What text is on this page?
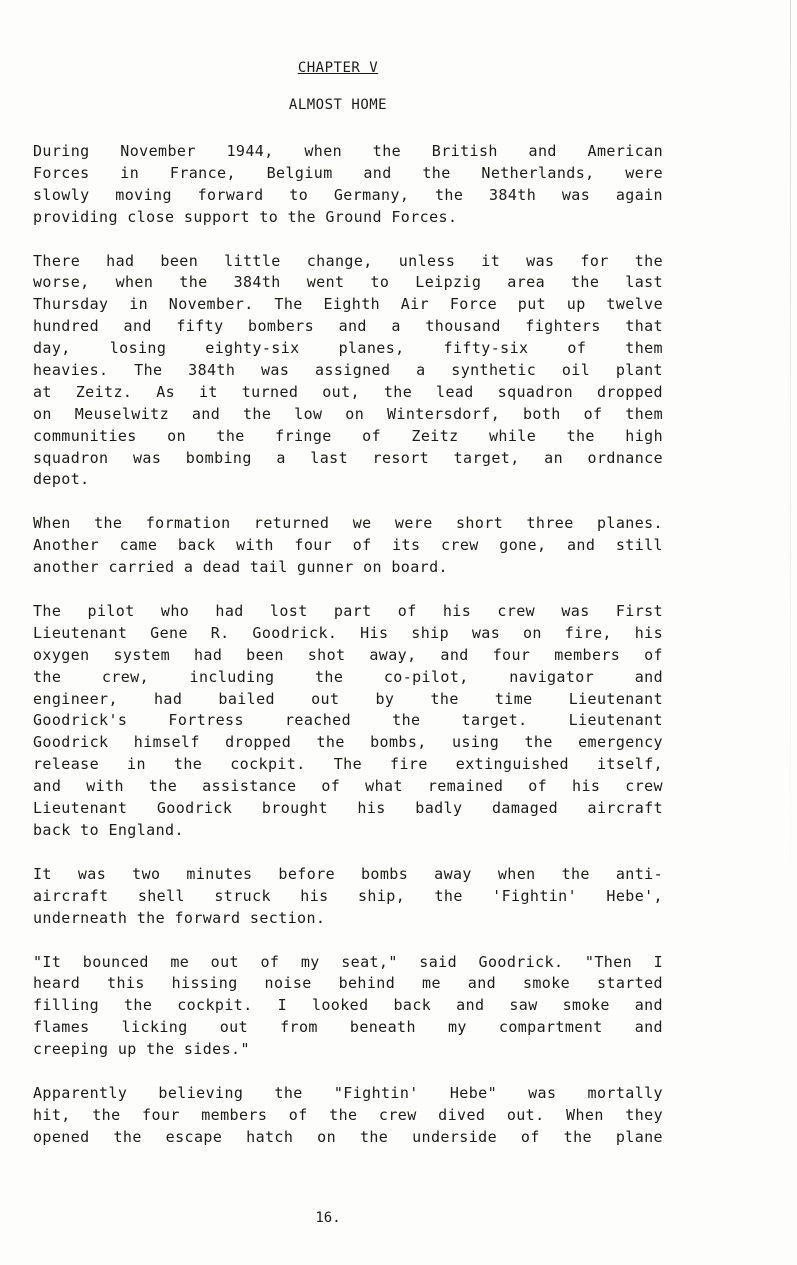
CHAPTER V
ALMOST HOME
During November 1944, when the British and American
Forces in France, Belgium and the Netherlands, were
slowly moving forward to Germany, the 384th was again
providing close support to the Ground Forces.
There had been little change, unless it was for the
worse, when the 384th went to Leipzig area the last
Thursday in November. The Eighth Air Force put up twelve
hundred and fifty bombers and a thousand fighters that
day, losing eighty-six planes, fifty-six of them
heavies. The 384th was assigned a synthetic oil plant
at Zeitz. As it turned out, the lead squadron dropped
on Meuselwitz and the low on Wintersdorf, both of them
communities on the fringe of Zeitz while the high
squadron was bombing a last resort target, an ordnance
depot.
When the formation returned we were short three planes.
Another came back with four of its crew gone, and still
another carried a dead tail gunner on board.
The pilot who had lost part of his crew was First
Lieutenant Gene R. Goodrick. His ship was on fire, his
oxygen system had been shot away, and four members of
the crew, including the co-pilot, navigator and
engineer, had bailed out by the time Lieutenant
Goodrick's Fortress reached the target. Lieutenant
Goodrick himself dropped the bombs, using the emergency
release in the cockpit. The fire extinguished itself,
and with the assistance of what remained of his crew
Lieutenant Goodrick brought his badly damaged aircraft
back to England.
It was two minutes before bombs away when the anti-
aircraft shell struck his ship, the 'Fightin' Hebe',
underneath the forward section.
"It bounced me out of my seat," said Goodrick. "Then I
heard this hissing noise behind me and smoke started
filling the cockpit. I looked back and saw smoke and
flames licking out from beneath my compartment and
creeping up the sides."
Apparently believing the "Fightin' Hebe" was mortally
hit, the four members of the crew dived out. When they
opened the escape hatch on the underside of the plane
16.
